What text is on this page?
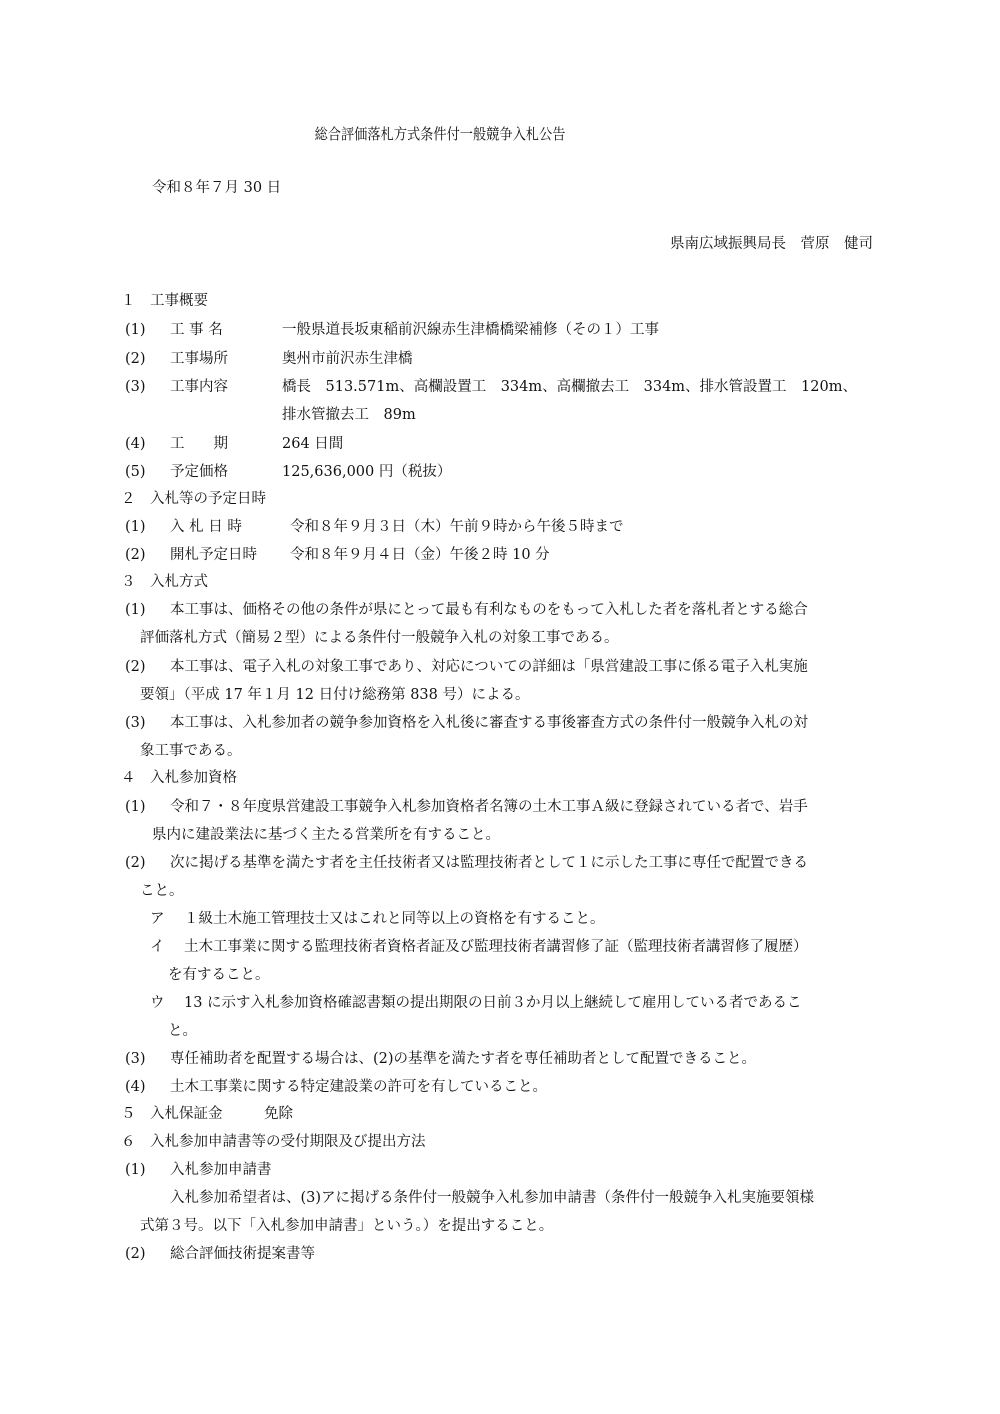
総合評価落札方式条件付一般競争入札公告
令和８年７月 30 日
県南広域振興局長　菅原　健司
１　工事概要
(1) 工 事 名	一般県道長坂東稲前沢線赤生津橋橋梁補修（その１）工事
(2) 工事場所	奥州市前沢赤生津橋
(3) 工事内容	橋長　513.571m、高欄設置工　334m、高欄撤去工　334m、排水管設置工　120m、
排水管撤去工　89m
(4) 工　　期	264 日間
(5) 予定価格	125,636,000 円（税抜）
２　入札等の予定日時
(1) 入 札 日 時	令和８年９月３日（木）午前９時から午後５時まで
(2) 開札予定日時 令和８年９月４日（金）午後２時 10 分
３　入札方式
(1) 本工事は、価格その他の条件が県にとって最も有利なものをもって入札した者を落札者とする総合
評価落札方式（簡易２型）による条件付一般競争入札の対象工事である。
(2) 本工事は、電子入札の対象工事であり、対応についての詳細は「県営建設工事に係る電子入札実施
要領」（平成 17 年１月 12 日付け総務第 838 号）による。
(3) 本工事は、入札参加者の競争参加資格を入札後に審査する事後審査方式の条件付一般競争入札の対
象工事である。
４　入札参加資格
(1) 令和７・８年度県営建設工事競争入札参加資格者名簿の土木工事Ａ級に登録されている者で、岩手
県内に建設業法に基づく主たる営業所を有すること。
(2) 次に掲げる基準を満たす者を主任技術者又は監理技術者として１に示した工事に専任で配置できる
こと。
ア １級土木施工管理技士又はこれと同等以上の資格を有すること。
イ 土木工事業に関する監理技術者資格者証及び監理技術者講習修了証（監理技術者講習修了履歴）
を有すること。
ウ 13 に示す入札参加資格確認書類の提出期限の日前３か月以上継続して雇用している者であるこ
と。
(3) 専任補助者を配置する場合は、(2)の基準を満たす者を専任補助者として配置できること。
(4) 土木工事業に関する特定建設業の許可を有していること。
５　入札保証金	免除
６　入札参加申請書等の受付期限及び提出方法
(1) 入札参加申請書
入札参加希望者は、(3)アに掲げる条件付一般競争入札参加申請書（条件付一般競争入札実施要領様
式第３号。以下「入札参加申請書」という。）を提出すること。
(2) 総合評価技術提案書等
